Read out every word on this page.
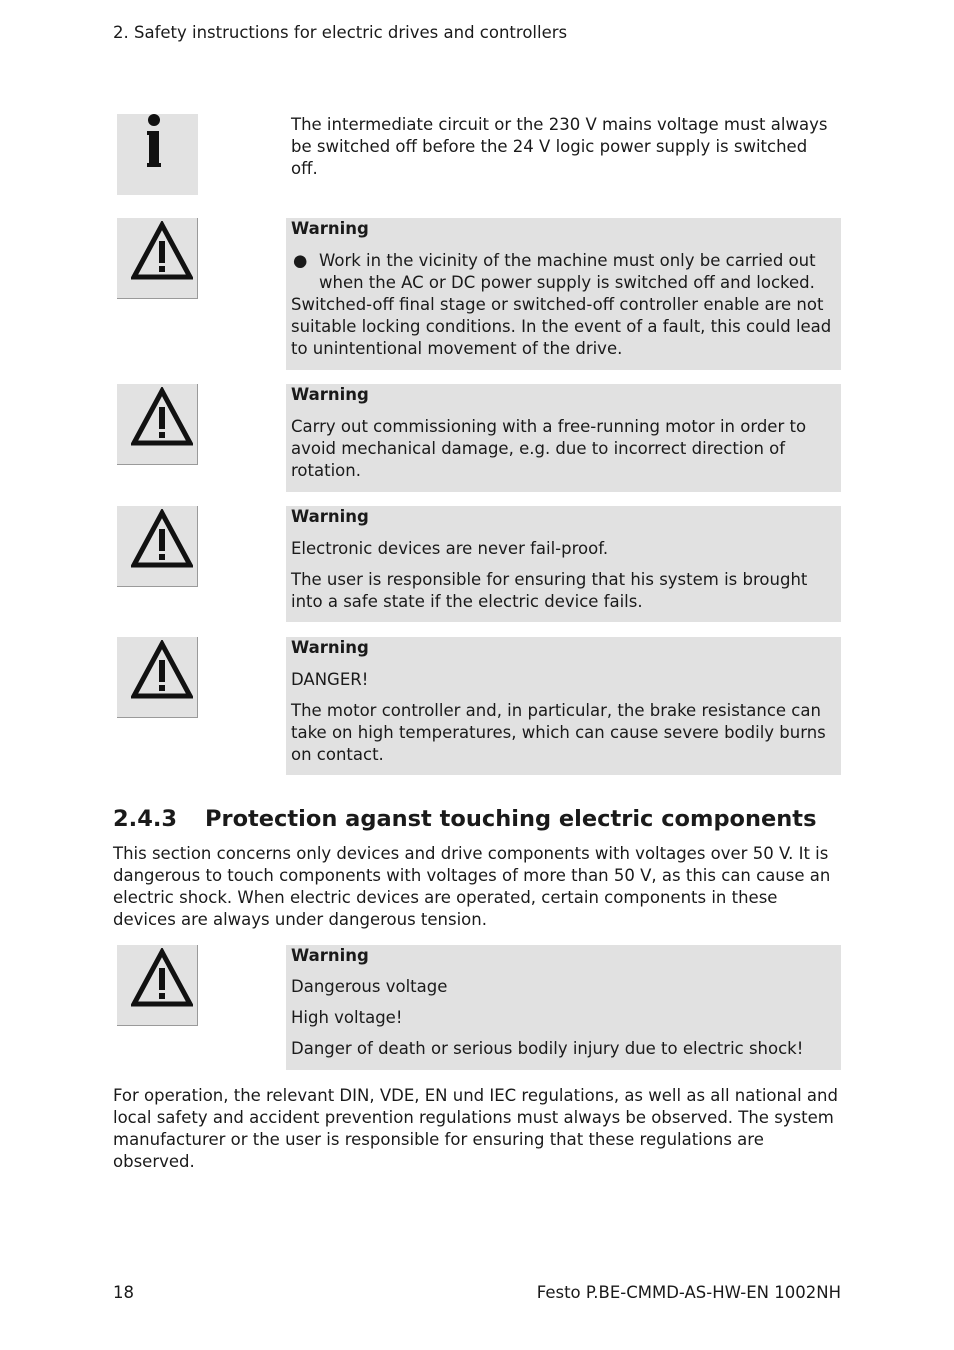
2. Safety instructions for electric drives and controllers

The intermediate circuit or the 230 V mains voltage must always be switched off before the 24 V logic power supply is switched off.

Warning

● Work in the vicinity of the machine must only be carried out when the AC or DC power supply is switched off and locked.

Switched-off final stage or switched-off controller enable are not suitable locking conditions. In the event of a fault, this could lead to unintentional movement of the drive.

Warning

Carry out commissioning with a free-running motor in order to avoid mechanical damage, e.g. due to incorrect direction of rotation.

Warning

Electronic devices are never fail-proof.

The user is responsible for ensuring that his system is brought into a safe state if the electric device fails.

Warning

DANGER!

The motor controller and, in particular, the brake resistance can take on high temperatures, which can cause severe bodily burns on contact.

2.4.3 Protection aganst touching electric components

This section concerns only devices and drive components with voltages over 50 V. It is dangerous to touch components with voltages of more than 50 V, as this can cause an electric shock. When electric devices are operated, certain components in these devices are always under dangerous tension.

Warning

Dangerous voltage

High voltage!

Danger of death or serious bodily injury due to electric shock!

For operation, the relevant DIN, VDE, EN und IEC regulations, as well as all national and local safety and accident prevention regulations must always be observed. The system manufacturer or the user is responsible for ensuring that these regulations are observed.

18	Festo P.BE-CMMD-AS-HW-EN 1002NH
